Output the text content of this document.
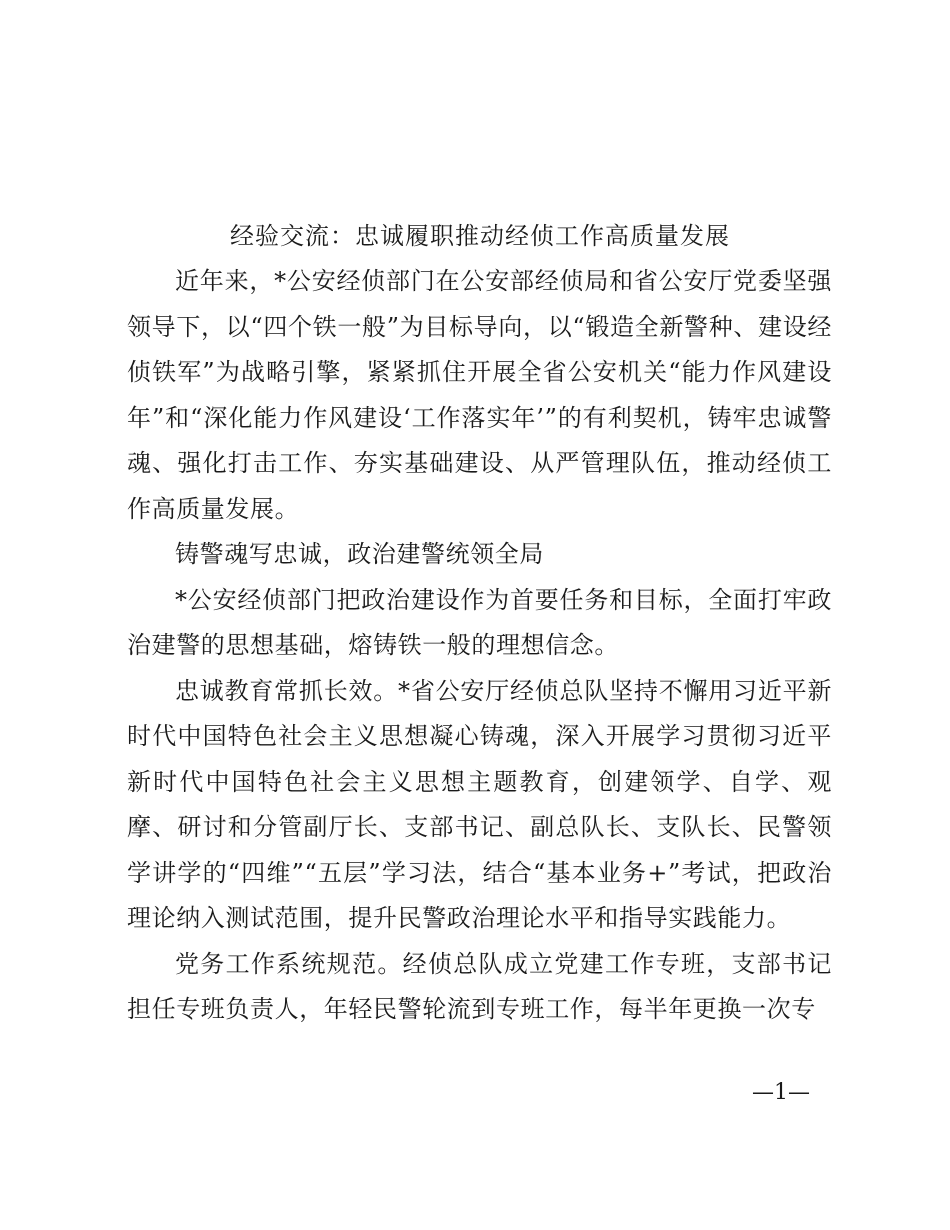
经验交流：忠诚履职推动经侦工作高质量发展

近年来，*公安经侦部门在公安部经侦局和省公安厅党委坚强领导下，以“四个铁一般”为目标导向，以“锻造全新警种、建设经侦铁军”为战略引擎，紧紧抓住开展全省公安机关“能力作风建设年”和“深化能力作风建设‘工作落实年’”的有利契机，铸牢忠诚警魂、强化打击工作、夯实基础建设、从严管理队伍，推动经侦工作高质量发展。

铸警魂写忠诚，政治建警统领全局

*公安经侦部门把政治建设作为首要任务和目标，全面打牢政治建警的思想基础，熔铸铁一般的理想信念。

忠诚教育常抓长效。*省公安厅经侦总队坚持不懈用习近平新时代中国特色社会主义思想凝心铸魂，深入开展学习贯彻习近平新时代中国特色社会主义思想主题教育，创建领学、自学、观摩、研讨和分管副厅长、支部书记、副总队长、支队长、民警领学讲学的“四维”“五层”学习法，结合“基本业务+”考试，把政治理论纳入测试范围，提升民警政治理论水平和指导实践能力。

党务工作系统规范。经侦总队成立党建工作专班，支部书记担任专班负责人，年轻民警轮流到专班工作，每半年更换一次专

—1—
